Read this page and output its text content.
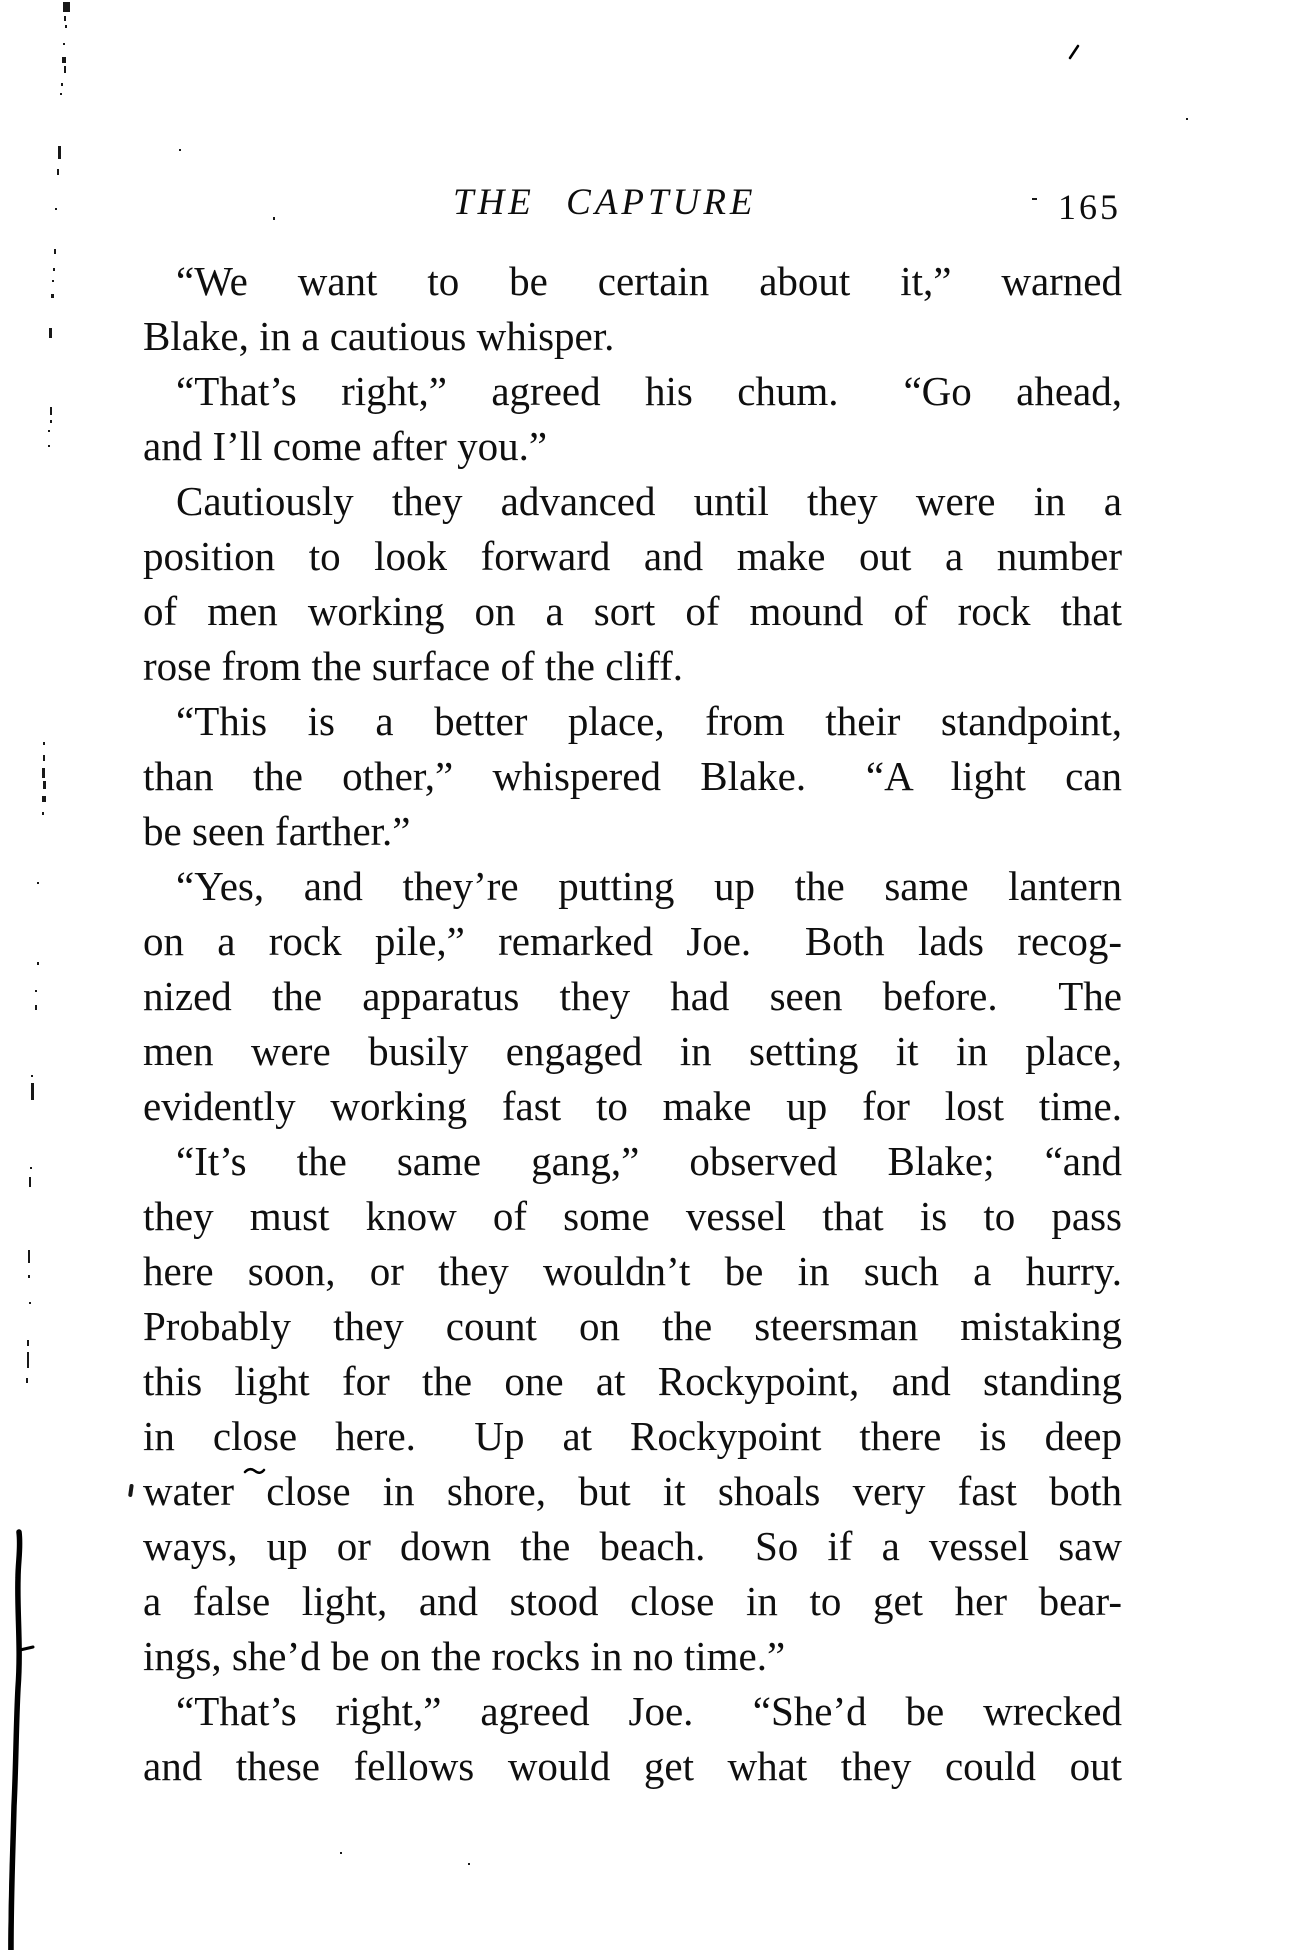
THE CAPTURE	165

“We want to be certain about it,” warned
Blake, in a cautious whisper.

“That’s right,” agreed his chum.  “Go ahead,
and I’ll come after you.”

Cautiously they advanced until they were in a
position to look forward and make out a number
of men working on a sort of mound of rock that
rose from the surface of the cliff.

“This is a better place, from their standpoint,
than the other,” whispered Blake.  “A light can
be seen farther.”

“Yes, and they’re putting up the same lantern
on a rock pile,” remarked Joe.  Both lads recog-
nized the apparatus they had seen before.  The
men were busily engaged in setting it in place,
evidently working fast to make up for lost time.

“It’s the same gang,” observed Blake; “and
they must know of some vessel that is to pass
here soon, or they wouldn’t be in such a hurry.
Probably they count on the steersman mistaking
this light for the one at Rockypoint, and standing
in close here.  Up at Rockypoint there is deep
water close in shore, but it shoals very fast both
ways, up or down the beach.  So if a vessel saw
a false light, and stood close in to get her bear-
ings, she’d be on the rocks in no time.”

“That’s right,” agreed Joe.  “She’d be wrecked
and these fellows would get what they could out
